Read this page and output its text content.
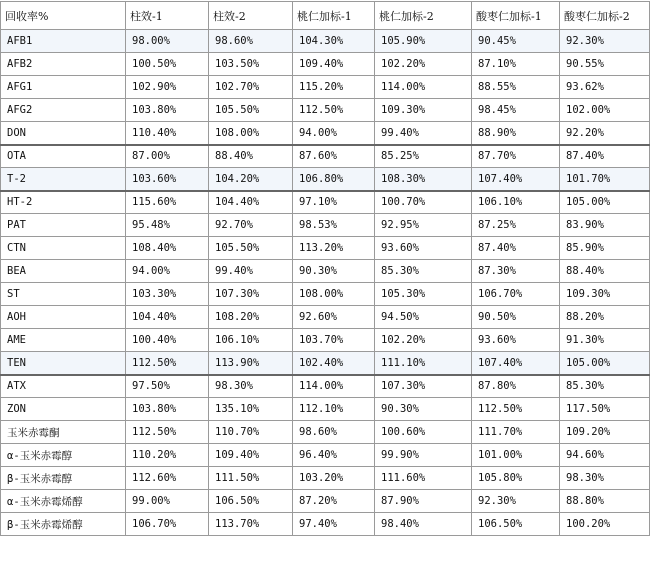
回收率%	柱效-1	柱效-2	桃仁加标-1	桃仁加标-2	酸枣仁加标-1	酸枣仁加标-2
AFB1	98.00%	98.60%	104.30%	105.90%	90.45%	92.30%
AFB2	100.50%	103.50%	109.40%	102.20%	87.10%	90.55%
AFG1	102.90%	102.70%	115.20%	114.00%	88.55%	93.62%
AFG2	103.80%	105.50%	112.50%	109.30%	98.45%	102.00%
DON	110.40%	108.00%	94.00%	99.40%	88.90%	92.20%
OTA	87.00%	88.40%	87.60%	85.25%	87.70%	87.40%
T-2	103.60%	104.20%	106.80%	108.30%	107.40%	101.70%
HT-2	115.60%	104.40%	97.10%	100.70%	106.10%	105.00%
PAT	95.48%	92.70%	98.53%	92.95%	87.25%	83.90%
CTN	108.40%	105.50%	113.20%	93.60%	87.40%	85.90%
BEA	94.00%	99.40%	90.30%	85.30%	87.30%	88.40%
ST	103.30%	107.30%	108.00%	105.30%	106.70%	109.30%
AOH	104.40%	108.20%	92.60%	94.50%	90.50%	88.20%
AME	100.40%	106.10%	103.70%	102.20%	93.60%	91.30%
TEN	112.50%	113.90%	102.40%	111.10%	107.40%	105.00%
ATX	97.50%	98.30%	114.00%	107.30%	87.80%	85.30%
ZON	103.80%	135.10%	112.10%	90.30%	112.50%	117.50%
玉米赤霉酮	112.50%	110.70%	98.60%	100.60%	111.70%	109.20%
α-玉米赤霉醇	110.20%	109.40%	96.40%	99.90%	101.00%	94.60%
β-玉米赤霉醇	112.60%	111.50%	103.20%	111.60%	105.80%	98.30%
α-玉米赤霉烯醇	99.00%	106.50%	87.20%	87.90%	92.30%	88.80%
β-玉米赤霉烯醇	106.70%	113.70%	97.40%	98.40%	106.50%	100.20%
